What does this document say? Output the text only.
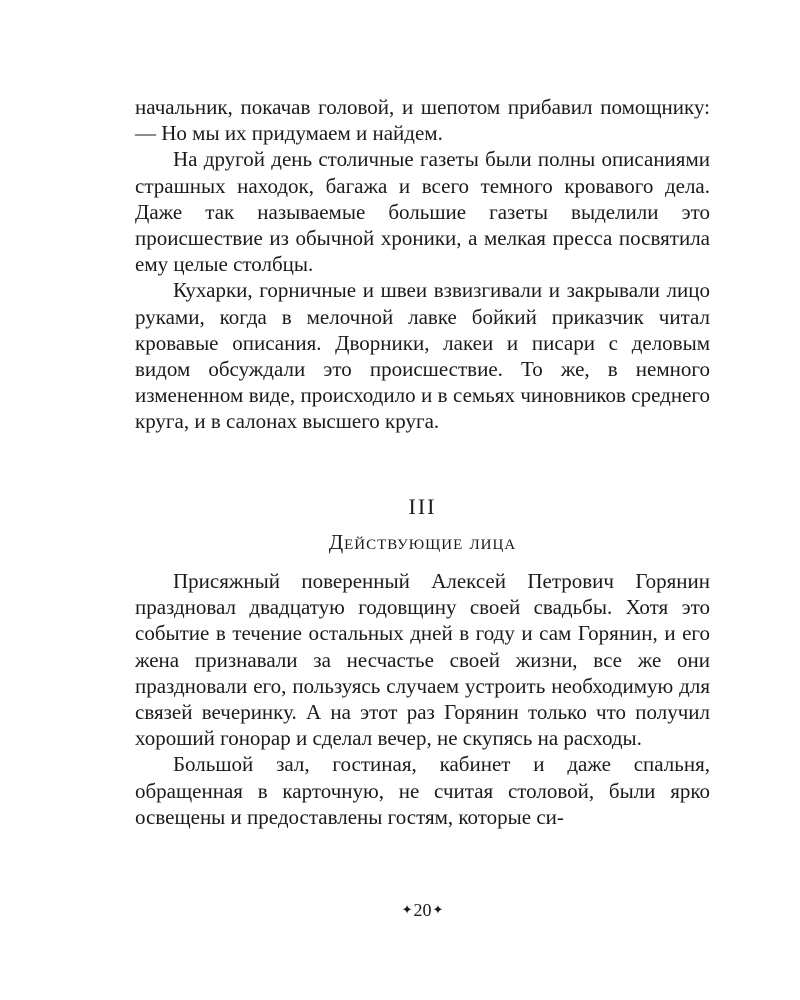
начальник, покачав головой, и шепотом прибавил помощнику: — Но мы их придумаем и найдем.

На другой день столичные газеты были полны описаниями страшных находок, багажа и всего темного кровавого дела. Даже так называемые большие газеты выделили это происшествие из обычной хроники, а мелкая пресса посвятила ему целые столбцы.

Кухарки, горничные и швеи взвизгивали и закрывали лицо руками, когда в мелочной лавке бойкий приказчик читал кровавые описания. Дворники, лакеи и писари с деловым видом обсуждали это происшествие. То же, в немного измененном виде, происходило и в семьях чиновников среднего круга, и в салонах высшего круга.

III
Действующие лица

Присяжный поверенный Алексей Петрович Горянин праздновал двадцатую годовщину своей свадьбы. Хотя это событие в течение остальных дней в году и сам Горянин, и его жена признавали за несчастье своей жизни, все же они праздновали его, пользуясь случаем устроить необходимую для связей вечеринку. А на этот раз Горянин только что получил хороший гонорар и сделал вечер, не скупясь на расходы.

Большой зал, гостиная, кабинет и даже спальня, обращенная в карточную, не считая столовой, были ярко освещены и предоставлены гостям, которые си-

✦20✦
